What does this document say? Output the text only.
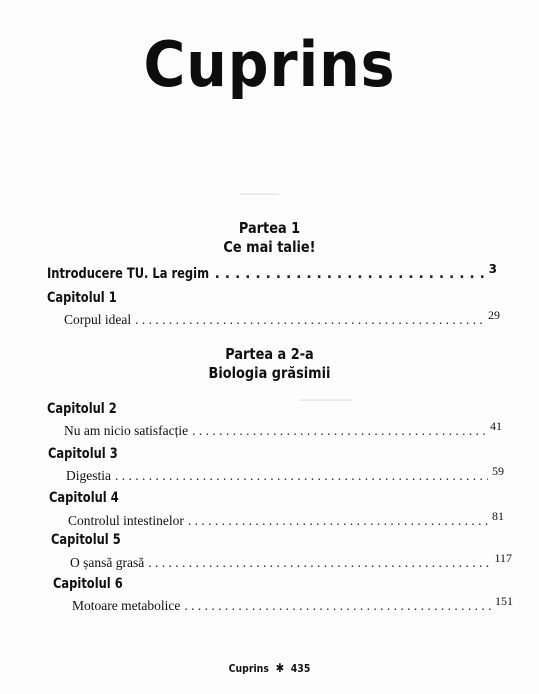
Cuprins
―――
――――
Partea 1
Ce mai talie!
Introducere TU. La regim . . .	3
Capitolul 1
Corpul ideal . . .	29
Partea a 2-a
Biologia grăsimii
Capitolul 2
Nu am nicio satisfacție . . .	41
Capitolul 3
Digestia . . .	59
Capitolul 4
Controlul intestinelor . . .	81
Capitolul 5
O șansă grasă . . .	117
Capitolul 6
Motoare metabolice . . .	151
Cuprins ✱ 435
